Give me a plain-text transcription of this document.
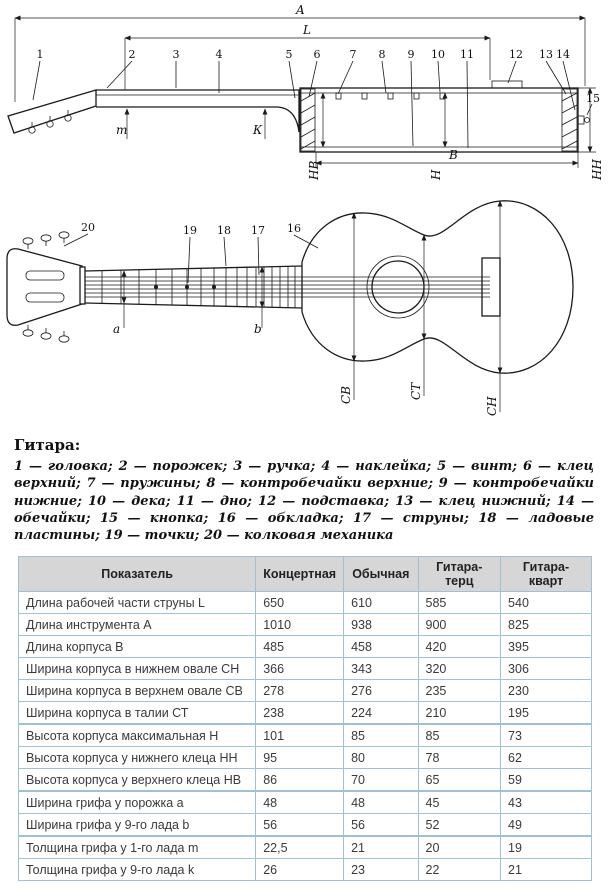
A
L
m	К
НВ	Н	НН
В
1	2	3	4	5 6	7 8 9 10 11	12 13 14
15
20	19 18 17 16
a	b
СВ	СТ
СН
Гитара:

1 — головка; 2 — порожек; 3 — ручка; 4 — наклейка; 5 — винт; 6 — клец верхний; 7 — пружины; 8 — контробечайки верхние; 9 — контробечайки нижние; 10 — дека; 11 — дно; 12 — подставка; 13 — клец нижний; 14 — обечайки; 15 — кнопка; 16 — обкладка; 17 — струны; 18 — ладовые пластины; 19 — точки; 20 — колковая механика

Показатель	Концертная	Обычная	Гитара-терц	Гитара-кварт
Длина рабочей части струны L	650	610	585	540
Длина инструмента А	1010	938	900	825
Длина корпуса В	485	458	420	395
Ширина корпуса в нижнем овале СН	366	343	320	306
Ширина корпуса в верхнем овале СВ	278	276	235	230
Ширина корпуса в талии СТ	238	224	210	195
Высота корпуса максимальная Н	101	85	85	73
Высота корпуса у нижнего клеца НН	95	80	78	62
Высота корпуса у верхнего клеца НВ	86	70	65	59
Ширина грифа у порожка a	48	48	45	43
Ширина грифа у 9-го лада b	56	56	52	49
Толщина грифа у 1-го лада m	22,5	21	20	19
Толщина грифа у 9-го лада k	26	23	22	21
